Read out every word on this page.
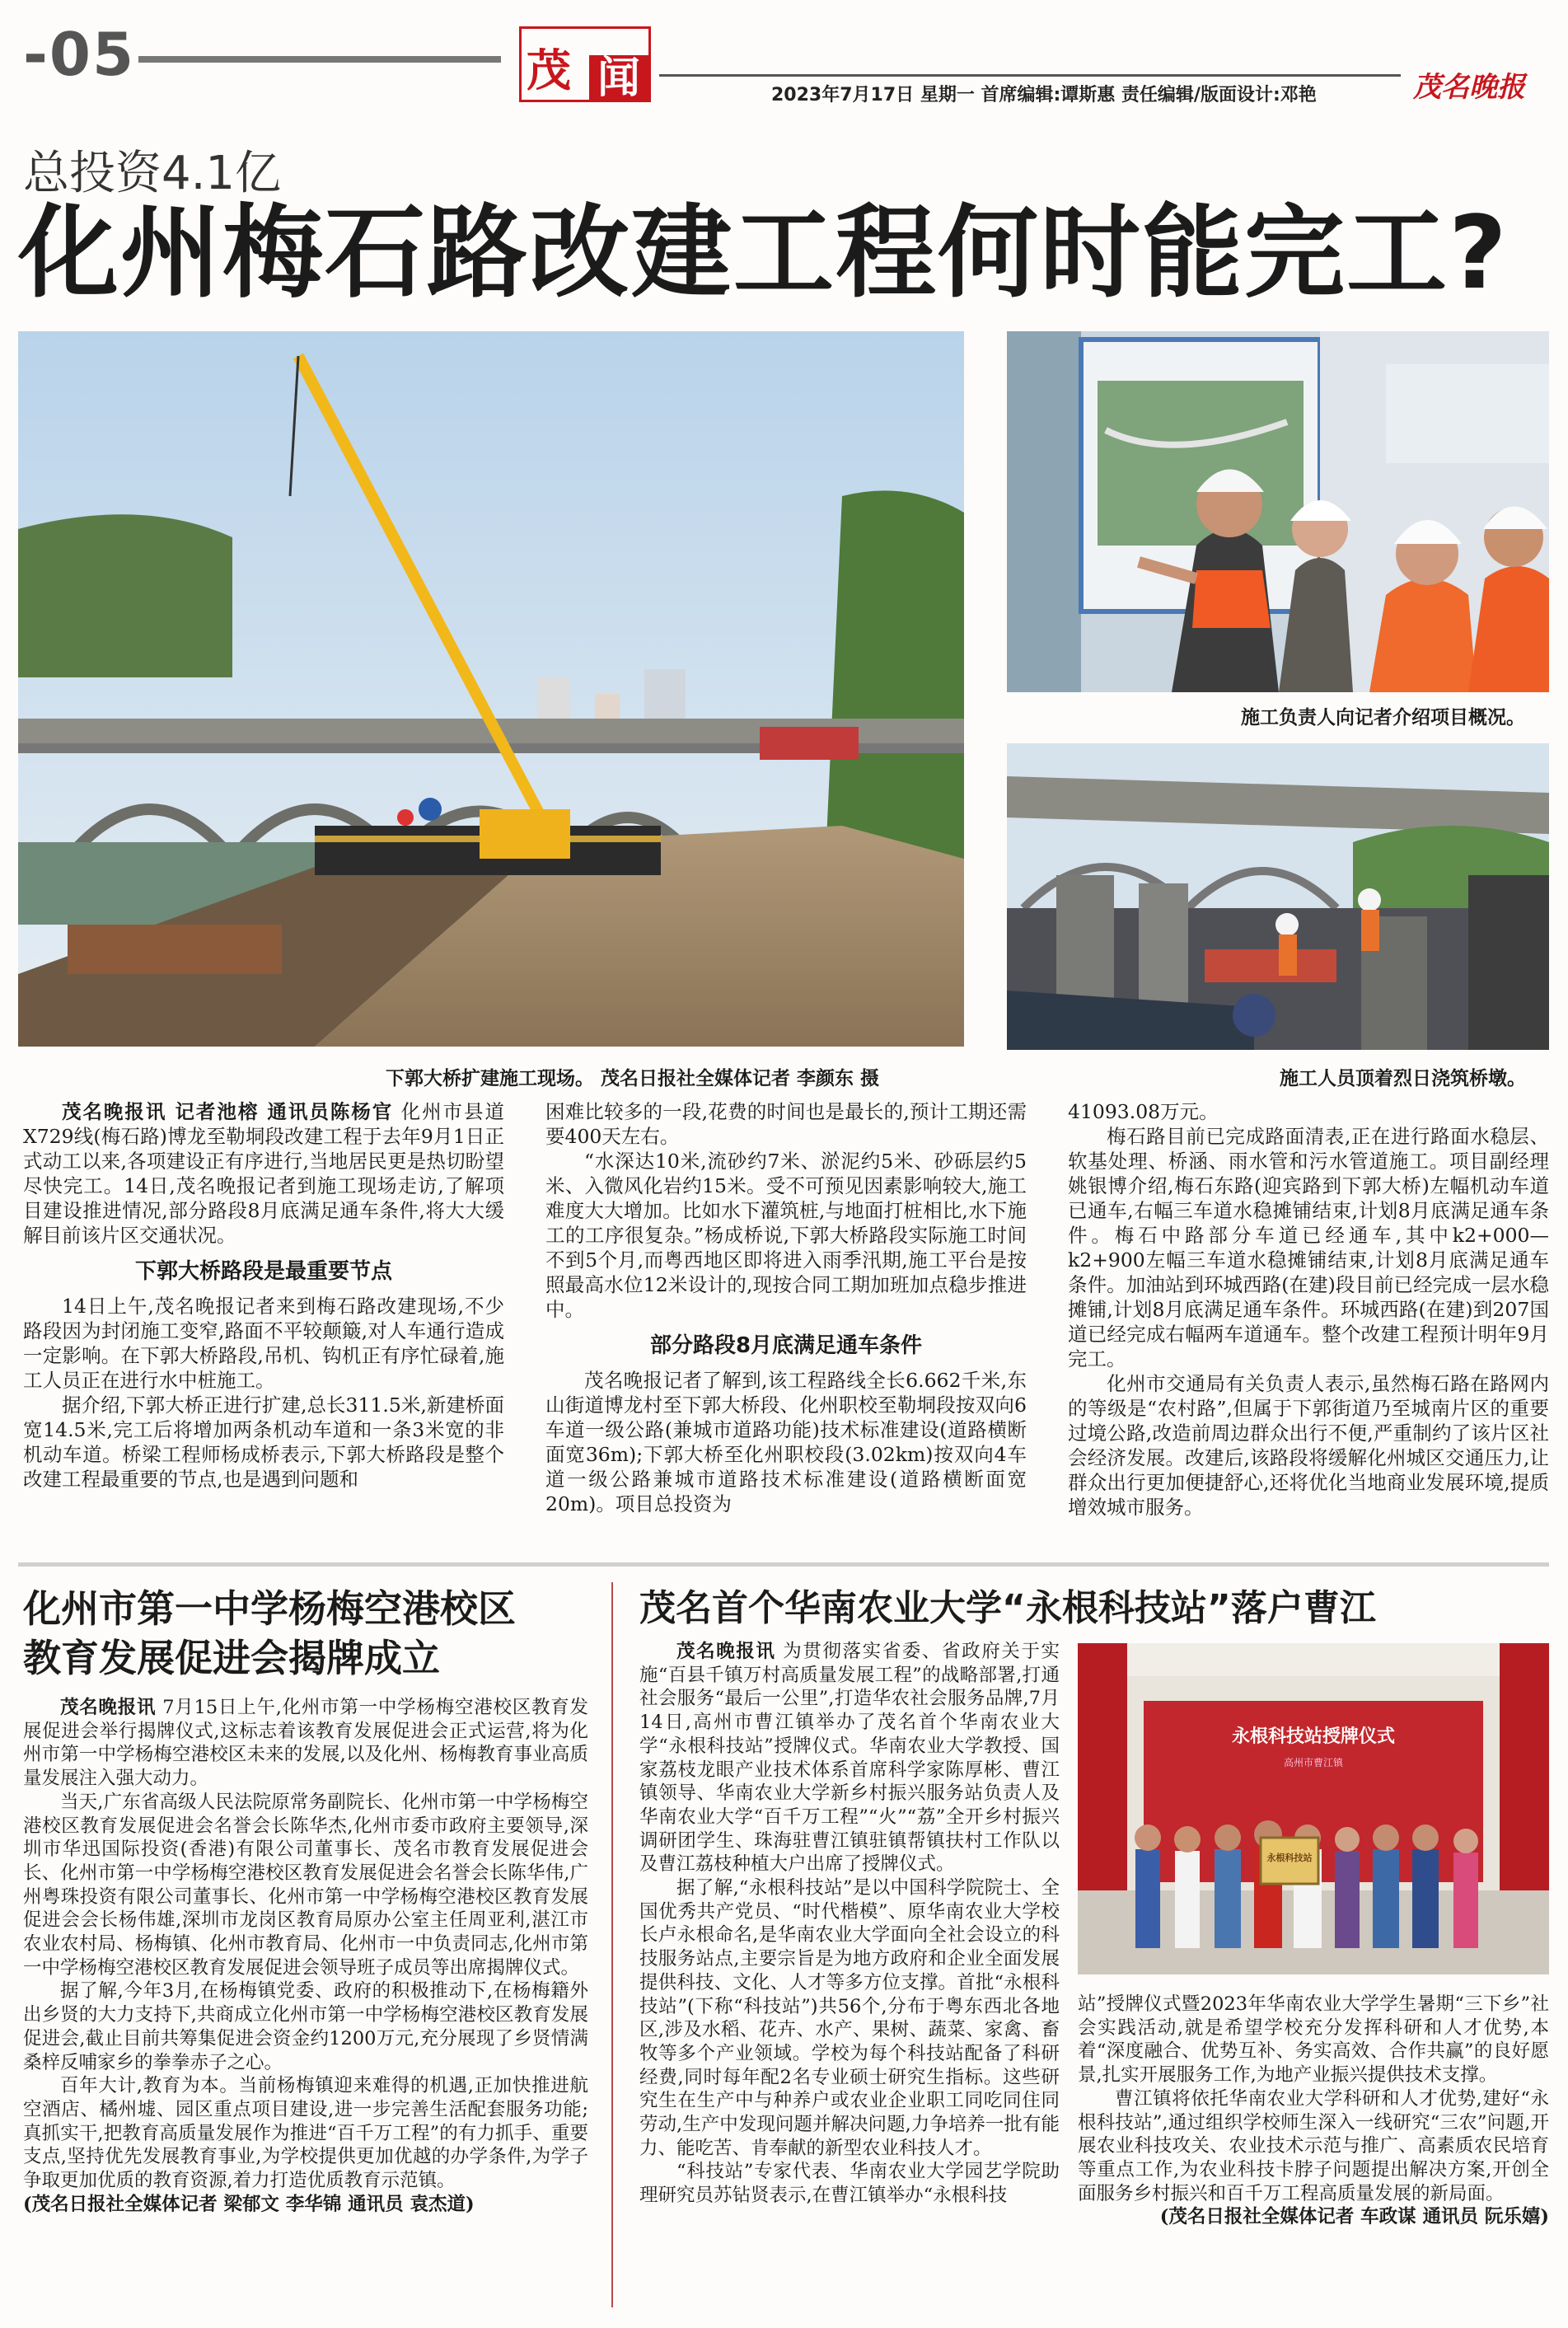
-05	茂 闻	2023年7月17日 星期一 首席编辑:谭斯惠 责任编辑/版面设计:邓艳	茂名晚报
总投资4.1亿
化州梅石路改建工程何时能完工?
施工负责人向记者介绍项目概况。
施工人员顶着烈日浇筑桥墩。
下郭大桥扩建施工现场。 茂名日报社全媒体记者 李颜东 摄

茂名晚报讯 记者池榕 通讯员陈杨官 化州市县道X729线(梅石路)博龙至勒垌段改建工程于去年9月1日正式动工以来,各项建设正有序进行,当地居民更是热切盼望尽快完工。14日,茂名晚报记者到施工现场走访,了解项目建设推进情况,部分路段8月底满足通车条件,将大大缓解目前该片区交通状况。

下郭大桥路段是最重要节点

14日上午,茂名晚报记者来到梅石路改建现场,不少路段因为封闭施工变窄,路面不平较颠簸,对人车通行造成一定影响。在下郭大桥路段,吊机、钩机正有序忙碌着,施工人员正在进行水中桩施工。

据介绍,下郭大桥正进行扩建,总长311.5米,新建桥面宽14.5米,完工后将增加两条机动车道和一条3米宽的非机动车道。桥梁工程师杨成桥表示,下郭大桥路段是整个改建工程最重要的节点,也是遇到问题和

困难比较多的一段,花费的时间也是最长的,预计工期还需要400天左右。

“水深达10米,流砂约7米、淤泥约5米、砂砾层约5米、入微风化岩约15米。受不可预见因素影响较大,施工难度大大增加。比如水下灌筑桩,与地面打桩相比,水下施工的工序很复杂。”杨成桥说,下郭大桥路段实际施工时间不到5个月,而粤西地区即将进入雨季汛期,施工平台是按照最高水位12米设计的,现按合同工期加班加点稳步推进中。

部分路段8月底满足通车条件

茂名晚报记者了解到,该工程路线全长6.662千米,东山街道博龙村至下郭大桥段、化州职校至勒垌段按双向6车道一级公路(兼城市道路功能)技术标准建设(道路横断面宽36m);下郭大桥至化州职校段(3.02km)按双向4车道一级公路兼城市道路技术标准建设(道路横断面宽20m)。项目总投资为

41093.08万元。

梅石路目前已完成路面清表,正在进行路面水稳层、软基处理、桥涵、雨水管和污水管道施工。项目副经理姚银博介绍,梅石东路(迎宾路到下郭大桥)左幅机动车道已通车,右幅三车道水稳摊铺结束,计划8月底满足通车条件。梅石中路部分车道已经通车,其中k2+000—k2+900左幅三车道水稳摊铺结束,计划8月底满足通车条件。加油站到环城西路(在建)段目前已经完成一层水稳摊铺,计划8月底满足通车条件。环城西路(在建)到207国道已经完成右幅两车道通车。整个改建工程预计明年9月完工。

化州市交通局有关负责人表示,虽然梅石路在路网内的等级是“农村路”,但属于下郭街道乃至城南片区的重要过境公路,改造前周边群众出行不便,严重制约了该片区社会经济发展。改建后,该路段将缓解化州城区交通压力,让群众出行更加便捷舒心,还将优化当地商业发展环境,提质增效城市服务。

化州市第一中学杨梅空港校区
教育发展促进会揭牌成立

茂名晚报讯 7月15日上午,化州市第一中学杨梅空港校区教育发展促进会举行揭牌仪式,这标志着该教育发展促进会正式运营,将为化州市第一中学杨梅空港校区未来的发展,以及化州、杨梅教育事业高质量发展注入强大动力。

当天,广东省高级人民法院原常务副院长、化州市第一中学杨梅空港校区教育发展促进会名誉会长陈华杰,化州市委市政府主要领导,深圳市华迅国际投资(香港)有限公司董事长、茂名市教育发展促进会长、化州市第一中学杨梅空港校区教育发展促进会名誉会长陈华伟,广州粤珠投资有限公司董事长、化州市第一中学杨梅空港校区教育发展促进会会长杨伟雄,深圳市龙岗区教育局原办公室主任周亚利,湛江市农业农村局、杨梅镇、化州市教育局、化州市一中负责同志,化州市第一中学杨梅空港校区教育发展促进会领导班子成员等出席揭牌仪式。

据了解,今年3月,在杨梅镇党委、政府的积极推动下,在杨梅籍外出乡贤的大力支持下,共商成立化州市第一中学杨梅空港校区教育发展促进会,截止目前共筹集促进会资金约1200万元,充分展现了乡贤情满桑梓反哺家乡的拳拳赤子之心。

百年大计,教育为本。当前杨梅镇迎来难得的机遇,正加快推进航空酒店、橘州墟、园区重点项目建设,进一步完善生活配套服务功能;真抓实干,把教育高质量发展作为推进“百千万工程”的有力抓手、重要支点,坚持优先发展教育事业,为学校提供更加优越的办学条件,为学子争取更加优质的教育资源,着力打造优质教育示范镇。

(茂名日报社全媒体记者 梁郁文 李华锦 通讯员 袁杰道)

茂名首个华南农业大学“永根科技站”落户曹江

茂名晚报讯 为贯彻落实省委、省政府关于实施“百县千镇万村高质量发展工程”的战略部署,打通社会服务“最后一公里”,打造华农社会服务品牌,7月14日,高州市曹江镇举办了茂名首个华南农业大学“永根科技站”授牌仪式。华南农业大学教授、国家荔枝龙眼产业技术体系首席科学家陈厚彬、曹江镇领导、华南农业大学新乡村振兴服务站负责人及华南农业大学“百千万工程”“火”“荔”全开乡村振兴调研团学生、珠海驻曹江镇驻镇帮镇扶村工作队以及曹江荔枝种植大户出席了授牌仪式。

据了解,“永根科技站”是以中国科学院院士、全国优秀共产党员、“时代楷模”、原华南农业大学校长卢永根命名,是华南农业大学面向全社会设立的科技服务站点,主要宗旨是为地方政府和企业全面发展提供科技、文化、人才等多方位支撑。首批“永根科技站”(下称“科技站”)共56个,分布于粤东西北各地区,涉及水稻、花卉、水产、果树、蔬菜、家禽、畜牧等多个产业领域。学校为每个科技站配备了科研经费,同时每年配2名专业硕士研究生指标。这些研究生在生产中与种养户或农业企业职工同吃同住同劳动,生产中发现问题并解决问题,力争培养一批有能力、能吃苦、肯奉献的新型农业科技人才。

“科技站”专家代表、华南农业大学园艺学院助理研究员苏钻贤表示,在曹江镇举办“永根科技

永根科技站授牌仪式
高州市曹江镇
永根科技站

站”授牌仪式暨2023年华南农业大学学生暑期“三下乡”社会实践活动,就是希望学校充分发挥科研和人才优势,本着“深度融合、优势互补、务实高效、合作共赢”的良好愿景,扎实开展服务工作,为地产业振兴提供技术支撑。

曹江镇将依托华南农业大学科研和人才优势,建好“永根科技站”,通过组织学校师生深入一线研究“三农”问题,开展农业科技攻关、农业技术示范与推广、高素质农民培育等重点工作,为农业科技卡脖子问题提出解决方案,开创全面服务乡村振兴和百千万工程高质量发展的新局面。

(茂名日报社全媒体记者 车政谋 通讯员 阮乐嬉)
